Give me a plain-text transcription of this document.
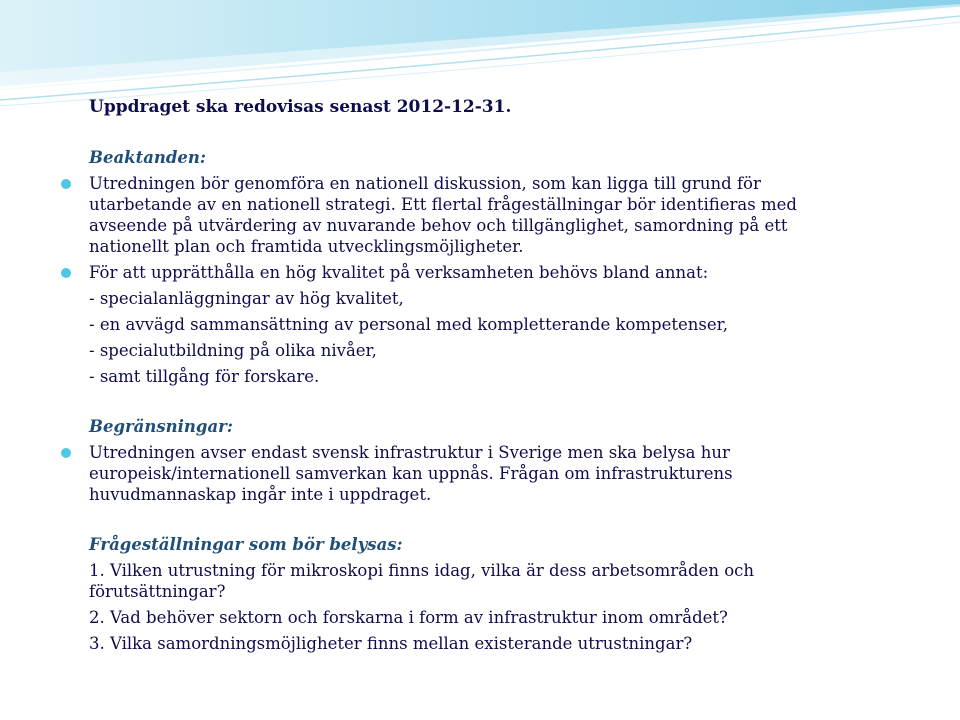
Uppdraget ska redovisas senast 2012-12-31.
Beaktanden:
Utredningen bör genomföra en nationell diskussion, som kan ligga till grund för
utarbetande av en nationell strategi. Ett flertal frågeställningar bör identifieras med
avseende på utvärdering av nuvarande behov och tillgänglighet, samordning på ett
nationellt plan och framtida utvecklingsmöjligheter.
För att upprätthålla en hög kvalitet på verksamheten behövs bland annat:
- specialanläggningar av hög kvalitet,
- en avvägd sammansättning av personal med kompletterande kompetenser,
- specialutbildning på olika nivåer,
- samt tillgång för forskare.
Begränsningar:
Utredningen avser endast svensk infrastruktur i Sverige men ska belysa hur
europeisk/internationell samverkan kan uppnås. Frågan om infrastrukturens
huvudmannaskap ingår inte i uppdraget.
Frågeställningar som bör belysas:
1. Vilken utrustning för mikroskopi finns idag, vilka är dess arbetsområden och
förutsättningar?
2. Vad behöver sektorn och forskarna i form av infrastruktur inom området?
3. Vilka samordningsmöjligheter finns mellan existerande utrustningar?
